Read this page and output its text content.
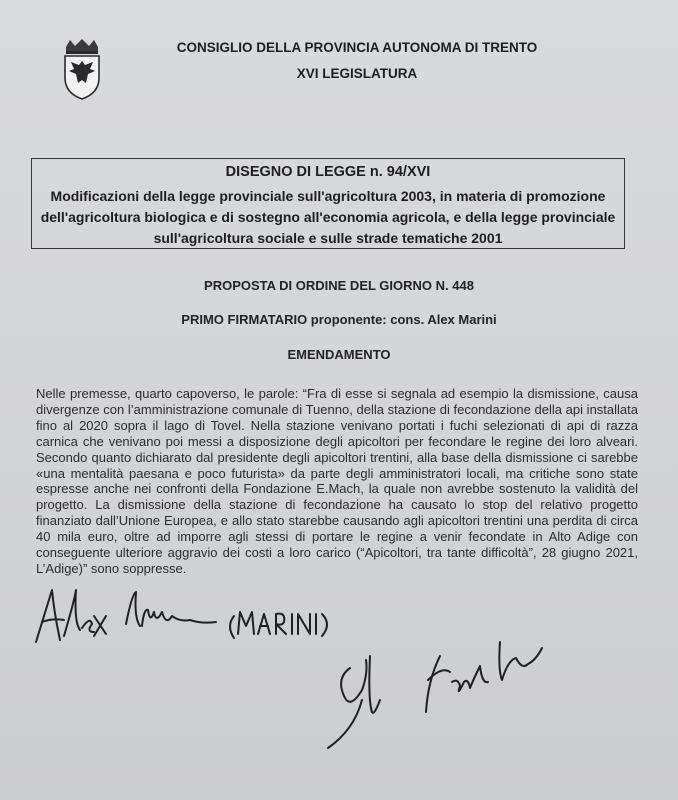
CONSIGLIO DELLA PROVINCIA AUTONOMA DI TRENTO
XVI LEGISLATURA
DISEGNO DI LEGGE n. 94/XVI
Modificazioni della legge provinciale sull'agricoltura 2003, in materia di promozione dell'agricoltura biologica e di sostegno all'economia agricola, e della legge provinciale sull'agricoltura sociale e sulle strade tematiche 2001
PROPOSTA DI ORDINE DEL GIORNO N. 448
PRIMO FIRMATARIO proponente: cons. Alex Marini
EMENDAMENTO
Nelle premesse, quarto capoverso, le parole: “Fra di esse si segnala ad esempio la dismissione, causa divergenze con l’amministrazione comunale di Tuenno, della stazione di fecondazione della api installata fino al 2020 sopra il lago di Tovel. Nella stazione venivano portati i fuchi selezionati di api di razza carnica che venivano poi messi a disposizione degli apicoltori per fecondare le regine dei loro alveari. Secondo quanto dichiarato dal presidente degli apicoltori trentini, alla base della dismissione ci sarebbe «una mentalità paesana e poco futurista» da parte degli amministratori locali, ma critiche sono state espresse anche nei confronti della Fondazione E.Mach, la quale non avrebbe sostenuto la validità del progetto. La dismissione della stazione di fecondazione ha causato lo stop del relativo progetto finanziato dall’Unione Europea, e allo stato starebbe causando agli apicoltori trentini una perdita di circa 40 mila euro, oltre ad imporre agli stessi di portare le regine a venir fecondate in Alto Adige con conseguente ulteriore aggravio dei costi a loro carico (“Apicoltori, tra tante difficoltà”, 28 giugno 2021, L’Adige)” sono soppresse.
